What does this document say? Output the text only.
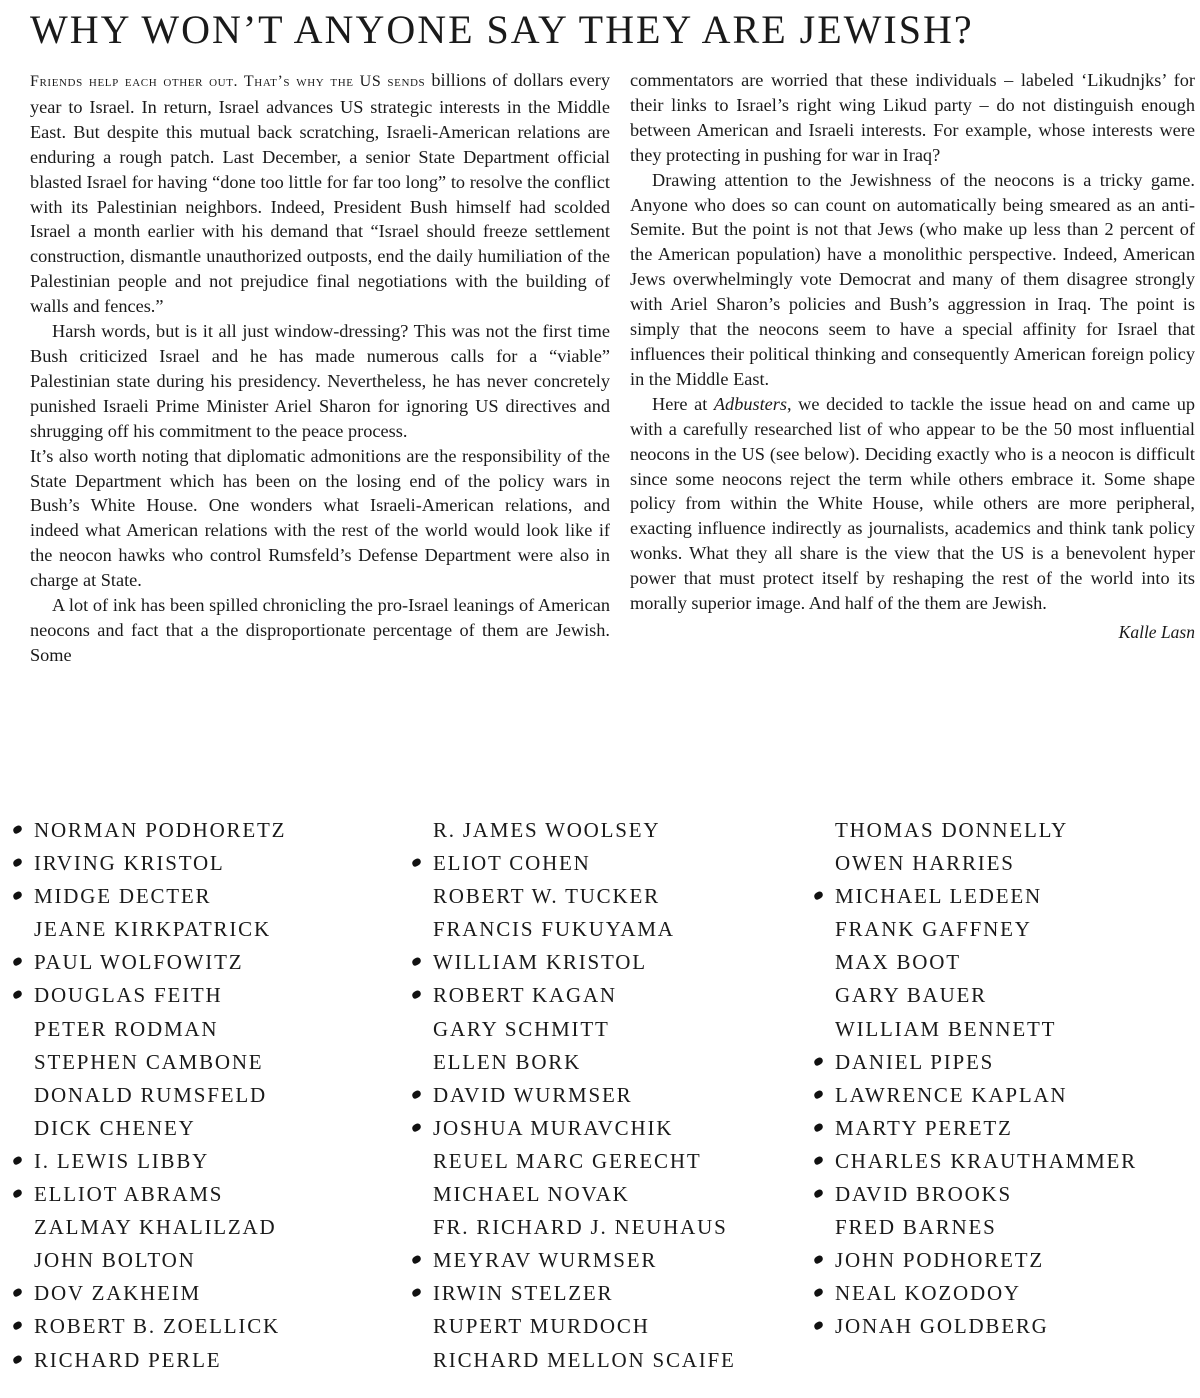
WHY WON’T ANYONE SAY THEY ARE JEWISH?

Friends help each other out. That’s why the US sends billions of dollars every year to Israel. In return, Israel advances US strategic interests in the Middle East. But despite this mutual back scratching, Israeli-American relations are enduring a rough patch. Last December, a senior State Department official blasted Israel for having “done too little for far too long” to resolve the conflict with its Palestinian neighbors. Indeed, President Bush himself had scolded Israel a month earlier with his demand that “Israel should freeze settlement construction, dismantle unauthorized outposts, end the daily humiliation of the Palestinian people and not prejudice final negotiations with the building of walls and fences.”

Harsh words, but is it all just window-dressing? This was not the first time Bush criticized Israel and he has made numerous calls for a “viable” Palestinian state during his presidency. Nevertheless, he has never concretely punished Israeli Prime Minister Ariel Sharon for ignoring US directives and shrugging off his commitment to the peace process.

It’s also worth noting that diplomatic admonitions are the responsibility of the State Department which has been on the losing end of the policy wars in Bush’s White House. One wonders what Israeli-American relations, and indeed what American relations with the rest of the world would look like if the neocon hawks who control Rumsfeld’s Defense Department were also in charge at State.

A lot of ink has been spilled chronicling the pro-Israel leanings of American neocons and fact that a the disproportionate percentage of them are Jewish. Some

commentators are worried that these individuals – labeled ‘Likudnjks’ for their links to Israel’s right wing Likud party – do not distinguish enough between American and Israeli interests. For example, whose interests were they protecting in pushing for war in Iraq?

Drawing attention to the Jewishness of the neocons is a tricky game. Anyone who does so can count on automatically being smeared as an anti-Semite. But the point is not that Jews (who make up less than 2 percent of the American population) have a monolithic perspective. Indeed, American Jews overwhelmingly vote Democrat and many of them disagree strongly with Ariel Sharon’s policies and Bush’s aggression in Iraq. The point is simply that the neocons seem to have a special affinity for Israel that influences their political thinking and consequently American foreign policy in the Middle East.

Here at Adbusters, we decided to tackle the issue head on and came up with a carefully researched list of who appear to be the 50 most influential neocons in the US (see below). Deciding exactly who is a neocon is difficult since some neocons reject the term while others embrace it. Some shape policy from within the White House, while others are more peripheral, exacting influence indirectly as journalists, academics and think tank policy wonks. What they all share is the view that the US is a benevolent hyper power that must protect itself by reshaping the rest of the world into its morally superior image. And half of the them are Jewish.

Kalle Lasn
NORMAN PODHORETZ
IRVING KRISTOL
MIDGE DECTER
JEANE KIRKPATRICK
PAUL WOLFOWITZ
DOUGLAS FEITH
PETER RODMAN
STEPHEN CAMBONE
DONALD RUMSFELD
DICK CHENEY
I. LEWIS LIBBY
ELLIOT ABRAMS
ZALMAY KHALILZAD
JOHN BOLTON
DOV ZAKHEIM
ROBERT B. ZOELLICK
RICHARD PERLE
R. JAMES WOOLSEY
ELIOT COHEN
ROBERT W. TUCKER
FRANCIS FUKUYAMA
WILLIAM KRISTOL
ROBERT KAGAN
GARY SCHMITT
ELLEN BORK
DAVID WURMSER
JOSHUA MURAVCHIK
REUEL MARC GERECHT
MICHAEL NOVAK
FR. RICHARD J. NEUHAUS
MEYRAV WURMSER
IRWIN STELZER
RUPERT MURDOCH
RICHARD MELLON SCAIFE
THOMAS DONNELLY
OWEN HARRIES
MICHAEL LEDEEN
FRANK GAFFNEY
MAX BOOT
GARY BAUER
WILLIAM BENNETT
DANIEL PIPES
LAWRENCE KAPLAN
MARTY PERETZ
CHARLES KRAUTHAMMER
DAVID BROOKS
FRED BARNES
JOHN PODHORETZ
NEAL KOZODOY
JONAH GOLDBERG
